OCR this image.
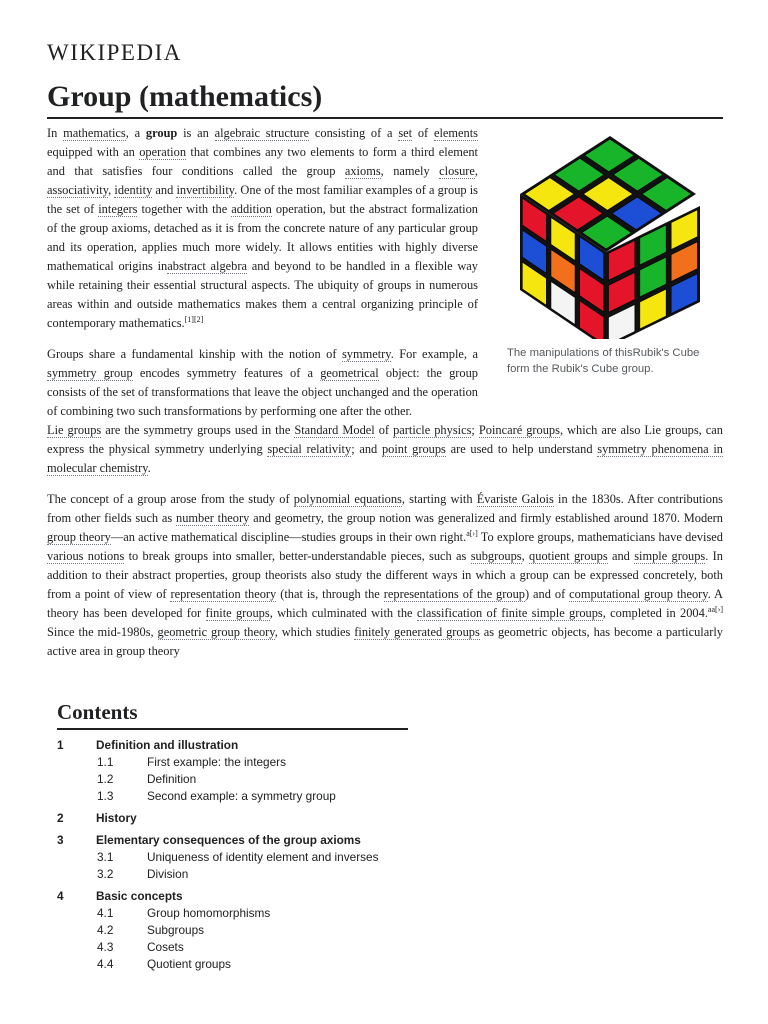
WIKIPEDIA
Group (mathematics)

In mathematics, a group is an algebraic structure consisting of a set of elements equipped with an operation that combines any two elements to form a third element and that satisfies four conditions called the group axioms, namely closure, associativity, identity and invertibility. One of the most familiar examples of a group is the set of integers together with the addition operation, but the abstract formalization of the group axioms, detached as it is from the concrete nature of any particular group and its operation, applies much more widely. It allows entities with highly diverse mathematical origins inabstract algebra and beyond to be handled in a flexible way while retaining their essential structural aspects. The ubiquity of groups in numerous areas within and outside mathematics makes them a central organizing principle of contemporary mathematics.[1][2]

Groups share a fundamental kinship with the notion of symmetry. For example, a symmetry group encodes symmetry features of a geometrical object: the group consists of the set of transformations that leave the object unchanged and the operation of combining two such transformations by performing one after the other.

Lie groups are the symmetry groups used in the Standard Model of particle physics; Poincaré groups, which are also Lie groups, can express the physical symmetry underlying special relativity; and point groups are used to help understand symmetry phenomena in molecular chemistry.

The concept of a group arose from the study of polynomial equations, starting with Évariste Galois in the 1830s. After contributions from other fields such as number theory and geometry, the group notion was generalized and firmly established around 1870. Modern group theory—an active mathematical discipline—studies groups in their own right.$^{a[›]}$ To explore groups, mathematicians have devised various notions to break groups into smaller, better-understandable pieces, such as subgroups, quotient groups and simple groups. In addition to their abstract properties, group theorists also study the different ways in which a group can be expressed concretely, both from a point of view of representation theory (that is, through the representations of the group) and of computational group theory. A theory has been developed for finite groups, which culminated with the classification of finite simple groups, completed in 2004.$^{aa[›]}$ Since the mid-1980s, geometric group theory, which studies finitely generated groups as geometric objects, has become a particularly active area in group theory

The manipulations of thisRubik's Cube form the Rubik's Cube group.
Contents
1	Definition and illustration
1.1	First example: the integers
1.2	Definition
1.3	Second example: a symmetry group
2	History
3	Elementary consequences of the group axioms
3.1	Uniqueness of identity element and inverses
3.2	Division
4	Basic concepts
4.1	Group homomorphisms
4.2	Subgroups
4.3	Cosets
4.4	Quotient groups
